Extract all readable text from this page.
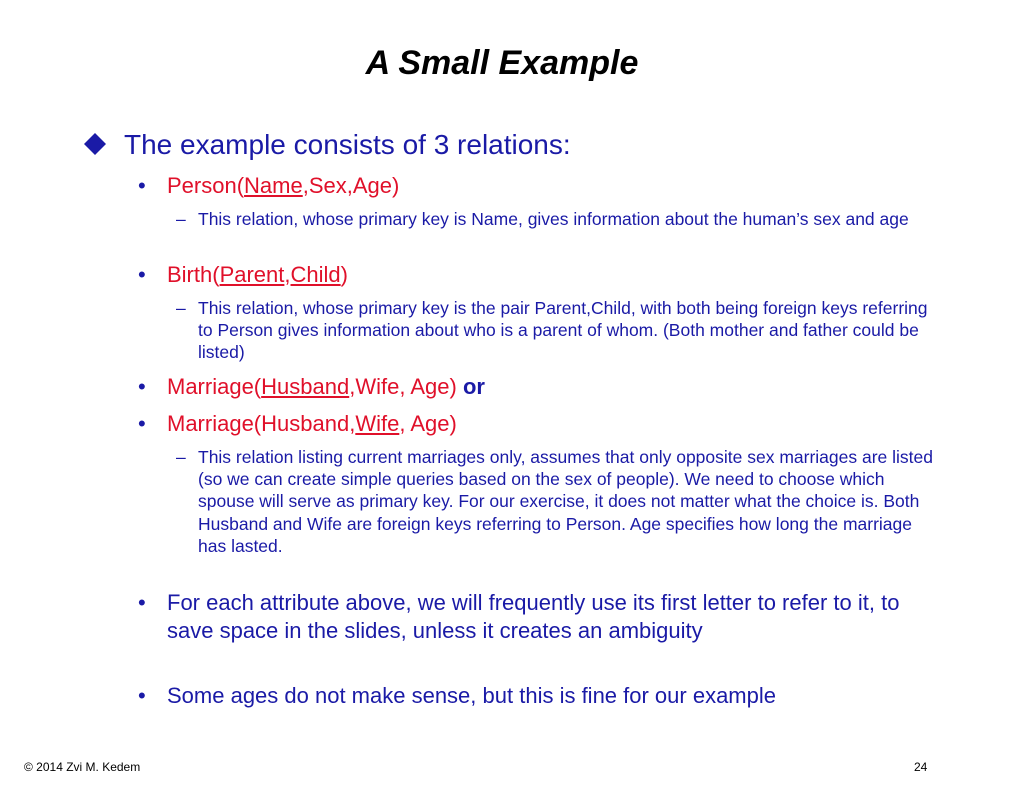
A Small Example
The example consists of 3 relations:
• Person(Name,Sex,Age)
– This relation, whose primary key is Name, gives information about the human’s sex and age
• Birth(Parent,Child)
– This relation, whose primary key is the pair Parent,Child, with both being foreign keys referring to Person gives information about who is a parent of whom. (Both mother and father could be listed)
• Marriage(Husband,Wife, Age) or
• Marriage(Husband,Wife, Age)
– This relation listing current marriages only, assumes that only opposite sex marriages are listed (so we can create simple queries based on the sex of people). We need to choose which spouse will serve as primary key. For our exercise, it does not matter what the choice is. Both Husband and Wife are foreign keys referring to Person. Age specifies how long the marriage has lasted.
• For each attribute above, we will frequently use its first letter to refer to it, to save space in the slides, unless it creates an ambiguity
• Some ages do not make sense, but this is fine for our example
© 2014 Zvi M. Kedem	24
